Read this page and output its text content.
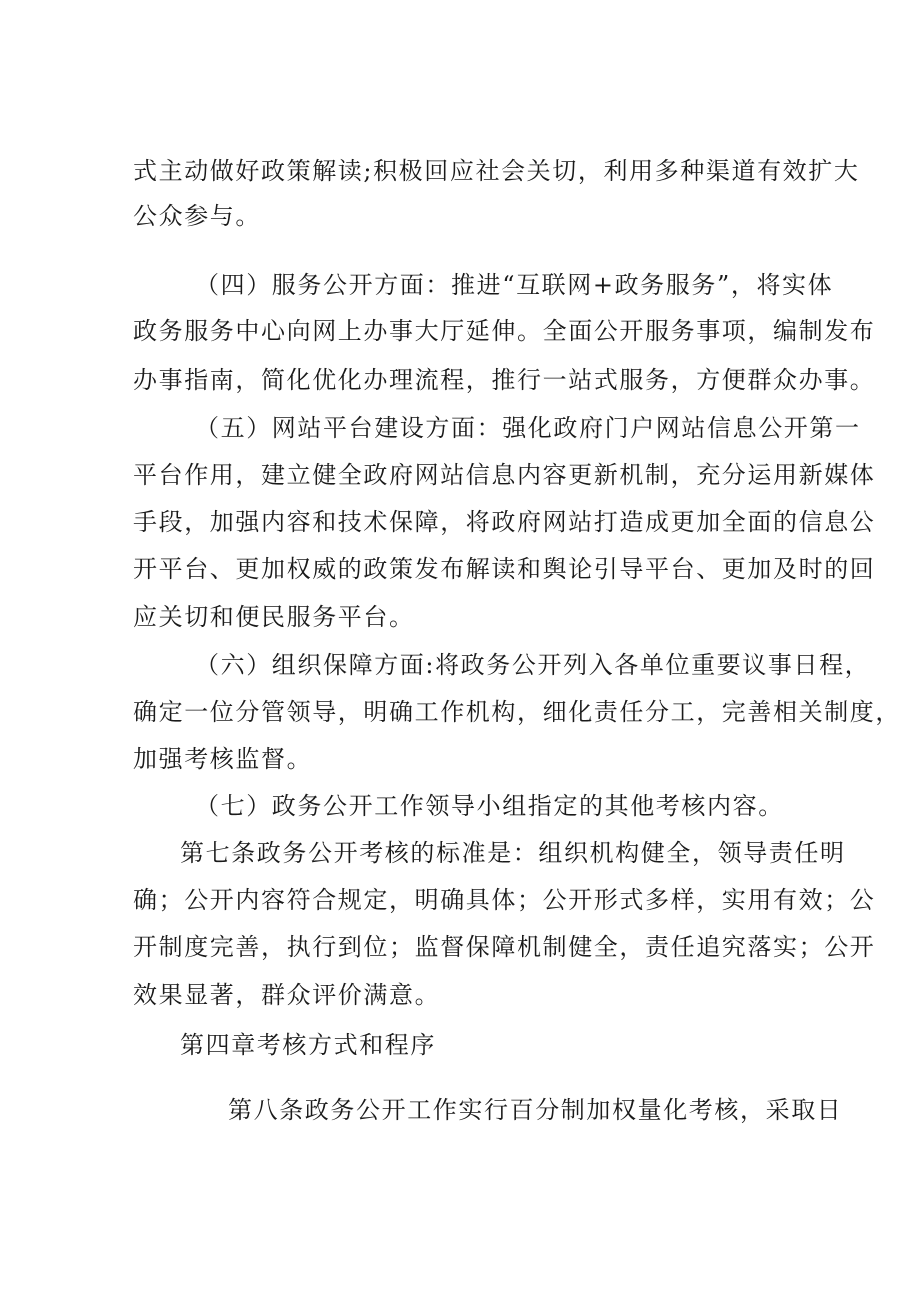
式主动做好政策解读;积极回应社会关切，利用多种渠道有效扩大
公众参与。
（四）服务公开方面：推进“互联网+政务服务”，将实体
政务服务中心向网上办事大厅延伸。全面公开服务事项，编制发布
办事指南，简化优化办理流程，推行一站式服务，方便群众办事。
（五）网站平台建设方面：强化政府门户网站信息公开第一
平台作用，建立健全政府网站信息内容更新机制，充分运用新媒体
手段，加强内容和技术保障，将政府网站打造成更加全面的信息公
开平台、更加权威的政策发布解读和舆论引导平台、更加及时的回
应关切和便民服务平台。
（六）组织保障方面:将政务公开列入各单位重要议事日程，
确定一位分管领导，明确工作机构，细化责任分工，完善相关制度，
加强考核监督。
（七）政务公开工作领导小组指定的其他考核内容。
第七条政务公开考核的标准是：组织机构健全，领导责任明
确；公开内容符合规定，明确具体；公开形式多样，实用有效；公
开制度完善，执行到位；监督保障机制健全，责任追究落实；公开
效果显著，群众评价满意。
第四章考核方式和程序
第八条政务公开工作实行百分制加权量化考核，采取日
